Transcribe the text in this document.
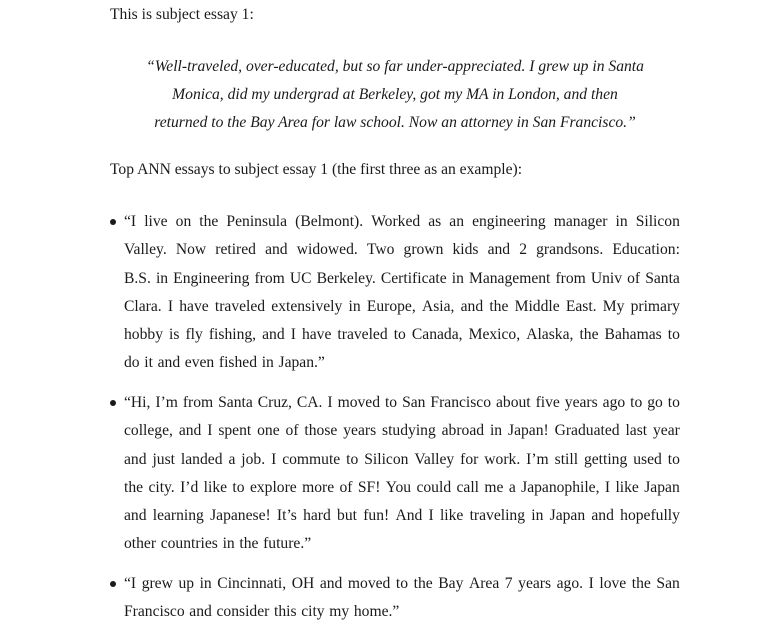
This is subject essay 1:
“Well-traveled, over-educated, but so far under-appreciated. I grew up in Santa
Monica, did my undergrad at Berkeley, got my MA in London, and then
returned to the Bay Area for law school. Now an attorney in San Francisco.”
Top ANN essays to subject essay 1 (the first three as an example):
“I live on the Peninsula (Belmont). Worked as an engineering manager in Silicon
Valley. Now retired and widowed. Two grown kids and 2 grandsons. Education:
B.S. in Engineering from UC Berkeley. Certificate in Management from Univ of Santa
Clara. I have traveled extensively in Europe, Asia, and the Middle East. My primary
hobby is fly fishing, and I have traveled to Canada, Mexico, Alaska, the Bahamas to
do it and even fished in Japan.”
“Hi, I’m from Santa Cruz, CA. I moved to San Francisco about five years ago to go to
college, and I spent one of those years studying abroad in Japan! Graduated last year
and just landed a job. I commute to Silicon Valley for work. I’m still getting used to
the city. I’d like to explore more of SF! You could call me a Japanophile, I like Japan
and learning Japanese! It’s hard but fun! And I like traveling in Japan and hopefully
other countries in the future.”
“I grew up in Cincinnati, OH and moved to the Bay Area 7 years ago. I love the San
Francisco and consider this city my home.”
